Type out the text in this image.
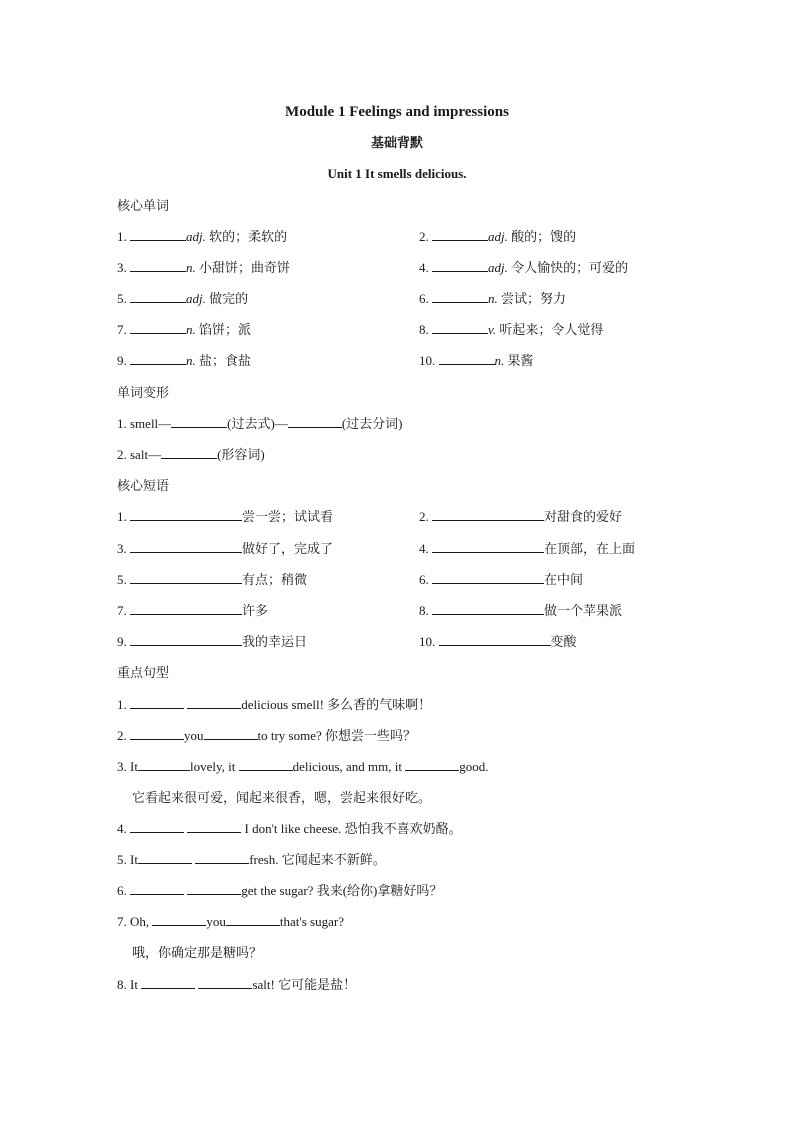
Module 1 Feelings and impressions
基础背默
Unit 1 It smells delicious.
核心单词
1.	adj. 软的；柔软的	2.	adj. 酸的；馊的
3.	n. 小甜饼；曲奇饼	4.	adj. 令人愉快的；可爱的
5.	adj. 做完的	6.	n. 尝试；努力
7.	n. 馅饼；派	8.	v. 听起来；令人觉得
9.	n. 盐；食盐	10.	n. 果酱
单词变形
1. smell—	(过去式)—	(过去分词)
2. salt—	(形容词)
核心短语
1.	尝一尝；试试看	2.	对甜食的爱好
3.	做好了，完成了	4.	在顶部，在上面
5.	有点；稍微	6.	在中间
7.	许多	8.	做一个苹果派
9.	我的幸运日	10.	变酸
重点句型
1.	delicious smell! 多么香的气味啊！
2.	you	to try some? 你想尝一些吗？
3. It	lovely, it	delicious, and mm, it	good.
它看起来很可爱，闻起来很香，嗯，尝起来很好吃。
4.	I don't like cheese. 恐怕我不喜欢奶酪。
5. It	fresh. 它闻起来不新鲜。
6.	get the sugar? 我来(给你)拿糖好吗？
7. Oh,	you	that's sugar?
哦，你确定那是糖吗？
8. It	salt! 它可能是盐！
